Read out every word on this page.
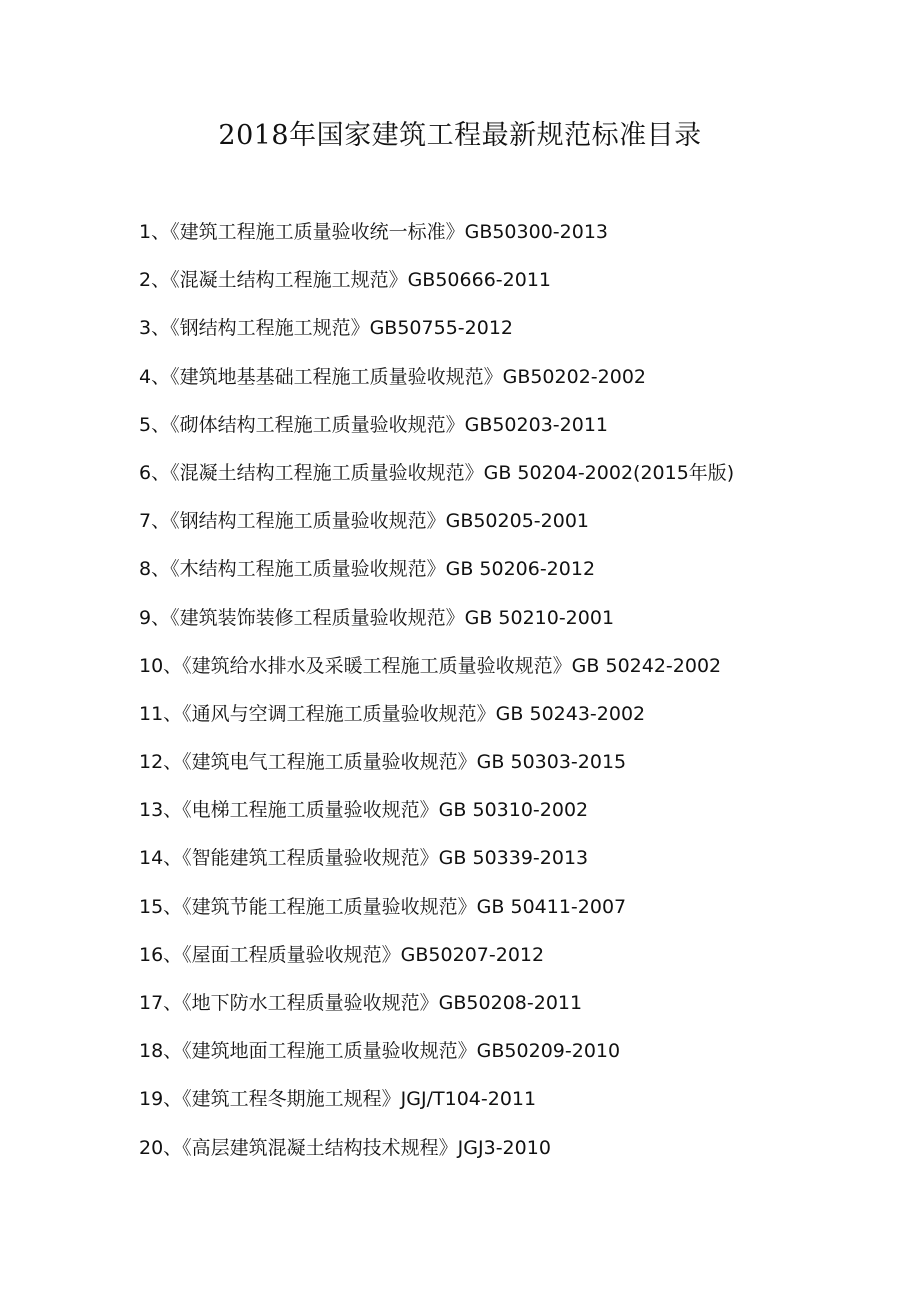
2018年国家建筑工程最新规范标准目录
1、《建筑工程施工质量验收统一标准》GB50300-2013
2、《混凝土结构工程施工规范》GB50666-2011
3、《钢结构工程施工规范》GB50755-2012
4、《建筑地基基础工程施工质量验收规范》GB50202-2002
5、《砌体结构工程施工质量验收规范》GB50203-2011
6、《混凝土结构工程施工质量验收规范》GB 50204-2002(2015年版)
7、《钢结构工程施工质量验收规范》GB50205-2001
8、《木结构工程施工质量验收规范》GB 50206-2012
9、《建筑装饰装修工程质量验收规范》GB 50210-2001
10、《建筑给水排水及采暖工程施工质量验收规范》GB 50242-2002
11、《通风与空调工程施工质量验收规范》GB 50243-2002
12、《建筑电气工程施工质量验收规范》GB 50303-2015
13、《电梯工程施工质量验收规范》GB 50310-2002
14、《智能建筑工程质量验收规范》GB 50339-2013
15、《建筑节能工程施工质量验收规范》GB 50411-2007
16、《屋面工程质量验收规范》GB50207-2012
17、《地下防水工程质量验收规范》GB50208-2011
18、《建筑地面工程施工质量验收规范》GB50209-2010
19、《建筑工程冬期施工规程》JGJ/T104-2011
20、《高层建筑混凝土结构技术规程》JGJ3-2010
